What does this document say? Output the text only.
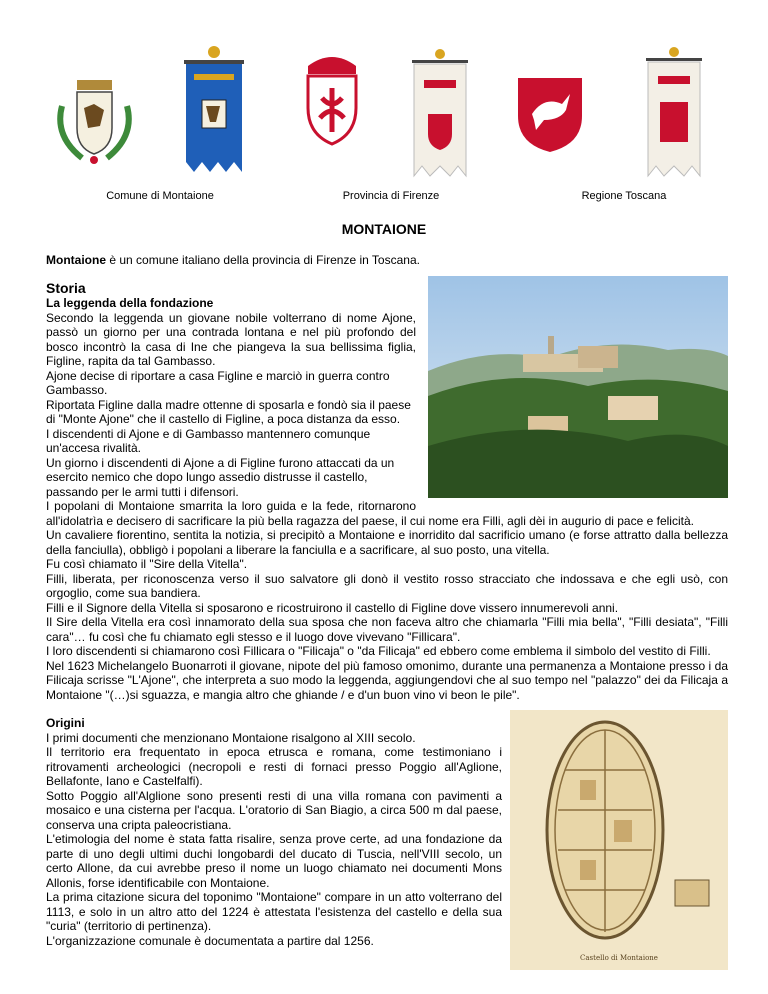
Comune di Montaione	Provincia di Firenze	Regione Toscana
MONTAIONE
Montaione è un comune italiano della provincia di Firenze in Toscana.
Storia

La leggenda della fondazione

Secondo la leggenda un giovane nobile volterrano di nome Ajone, passò un giorno per una contrada lontana e nel più profondo del bosco incontrò la casa di Ine che piangeva la sua bellissima figlia, Figline, rapita da tal Gambasso.

Ajone decise di riportare a casa Figline e marciò in guerra contro Gambasso.

Riportata Figline dalla madre ottenne di sposarla e fondò sia il paese di "Monte Ajone" che il castello di Figline, a poca distanza da esso.

I discendenti di Ajone e di Gambasso mantennero comunque un'accesa rivalità.

Un giorno i discendenti di Ajone a di Figline furono attaccati da un esercito nemico che dopo lungo assedio distrusse il castello, passando per le armi tutti i difensori.

I popolani di Montaione smarrita la loro guida e la fede, ritornarono all'idolatrìa e decisero di sacrificare la più bella ragazza del paese, il cui nome era Filli, agli dèi in augurio di pace e felicità.

Un cavaliere fiorentino, sentita la notizia, si precipitò a Montaione e inorridito dal sacrificio umano (e forse attratto dalla bellezza della fanciulla), obbligò i popolani a liberare la fanciulla e a sacrificare, al suo posto, una vitella.

Fu così chiamato il "Sire della Vitella".

Filli, liberata, per riconoscenza verso il suo salvatore gli donò il vestito rosso stracciato che indossava e che egli usò, con orgoglio, come sua bandiera.

Filli e il Signore della Vitella si sposarono e ricostruirono il castello di Figline dove vissero innumerevoli anni.

Il Sire della Vitella era così innamorato della sua sposa che non faceva altro che chiamarla "Filli mia bella", "Filli desiata", "Filli cara"… fu così che fu chiamato egli stesso e il luogo dove vivevano "Fillicara".

I loro discendenti si chiamarono così Fillicara o "Filicaja" o "da Filicaja" ed ebbero come emblema il simbolo del vestito di Filli.

Nel 1623 Michelangelo Buonarroti il giovane, nipote del più famoso omonimo, durante una permanenza a Montaione presso i da Filicaja scrisse "L'Ajone", che interpreta a suo modo la leggenda, aggiungendovi che al suo tempo nel "palazzo" dei da Filicaja a Montaione "(…)si sguazza, e mangia altro che ghiande / e d'un buon vino vi beon le pile".

Castello di Montaione

Origini

I primi documenti che menzionano Montaione risalgono al XIII secolo.

Il territorio era frequentato in epoca etrusca e romana, come testimoniano i ritrovamenti archeologici (necropoli e resti di fornaci presso Poggio all'Aglione, Bellafonte, Iano e Castelfalfi).

Sotto Poggio all'Alglione sono presenti resti di una villa romana con pavimenti a mosaico e una cisterna per l'acqua. L'oratorio di San Biagio, a circa 500 m dal paese, conserva una cripta paleocristiana.

L'etimologia del nome è stata fatta risalire, senza prove certe, ad una fondazione da parte di uno degli ultimi duchi longobardi del ducato di Tuscia, nell'VIII secolo, un certo Allone, da cui avrebbe preso il nome un luogo chiamato nei documenti Mons Allonis, forse identificabile con Montaione.

La prima citazione sicura del toponimo "Montaione" compare in un atto volterrano del 1113, e solo in un altro atto del 1224 è attestata l'esistenza del castello e della sua "curia" (territorio di pertinenza).

L'organizzazione comunale è documentata a partire dal 1256.
